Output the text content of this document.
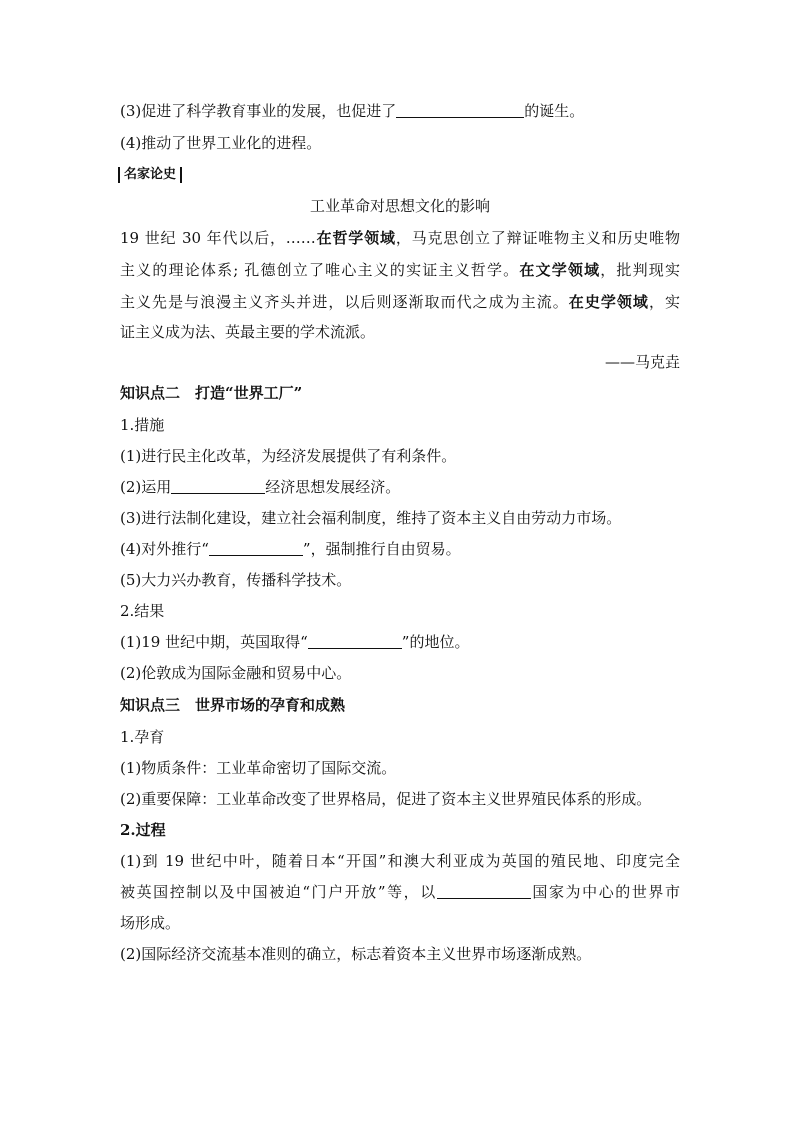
(3)促进了科学教育事业的发展，也促进了	的诞生。
(4)推动了世界工业化的进程。
名家论史
工业革命对思想文化的影响
19 世纪 30 年代以后，……在哲学领域，马克思创立了辩证唯物主义和历史唯物
主义的理论体系; 孔德创立了唯心主义的实证主义哲学。在文学领域，批判现实
主义先是与浪漫主义齐头并进，以后则逐渐取而代之成为主流。在史学领域，实
证主义成为法、英最主要的学术流派。
——马克垚
知识点二　打造“世界工厂”
1.措施
(1)进行民主化改革，为经济发展提供了有利条件。
(2)运用	经济思想发展经济。
(3)进行法制化建设，建立社会福利制度，维持了资本主义自由劳动力市场。
(4)对外推行“	”，强制推行自由贸易。
(5)大力兴办教育，传播科学技术。
2.结果
(1)19 世纪中期，英国取得“	”的地位。
(2)伦敦成为国际金融和贸易中心。
知识点三　世界市场的孕育和成熟
1.孕育
(1)物质条件：工业革命密切了国际交流。
(2)重要保障：工业革命改变了世界格局，促进了资本主义世界殖民体系的形成。
2.过程
(1)到 19 世纪中叶，随着日本“开国”和澳大利亚成为英国的殖民地、印度完全
被英国控制以及中国被迫“门户开放”等，以	国家为中心的世界市
场形成。
(2)国际经济交流基本准则的确立，标志着资本主义世界市场逐渐成熟。
